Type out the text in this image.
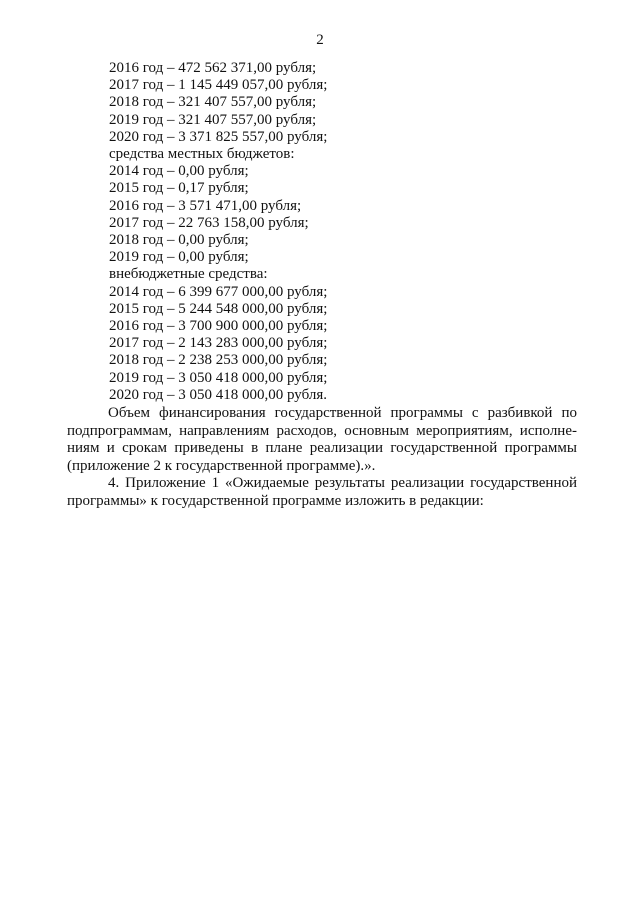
2
2016 год – 472 562 371,00 рубля;
2017 год – 1 145 449 057,00 рубля;
2018 год – 321 407 557,00 рубля;
2019 год – 321 407 557,00 рубля;
2020 год – 3 371 825 557,00 рубля;
средства местных бюджетов:
2014 год – 0,00 рубля;
2015 год – 0,17 рубля;
2016 год – 3 571 471,00 рубля;
2017 год – 22 763 158,00 рубля;
2018 год – 0,00 рубля;
2019 год – 0,00 рубля;
внебюджетные средства:
2014 год – 6 399 677 000,00 рубля;
2015 год – 5 244 548 000,00 рубля;
2016 год – 3 700 900 000,00 рубля;
2017 год – 2 143 283 000,00 рубля;
2018 год – 2 238 253 000,00 рубля;
2019 год – 3 050 418 000,00 рубля;
2020 год – 3 050 418 000,00 рубля.
Объем финансирования государственной программы с разбивкой по
подпрограммам, направлениям расходов, основным мероприятиям, исполне-
ниям и срокам приведены в плане реализации государственной программы
(приложение 2 к государственной программе).».
4. Приложение 1 «Ожидаемые результаты реализации государственной
программы» к государственной программе изложить в редакции:
